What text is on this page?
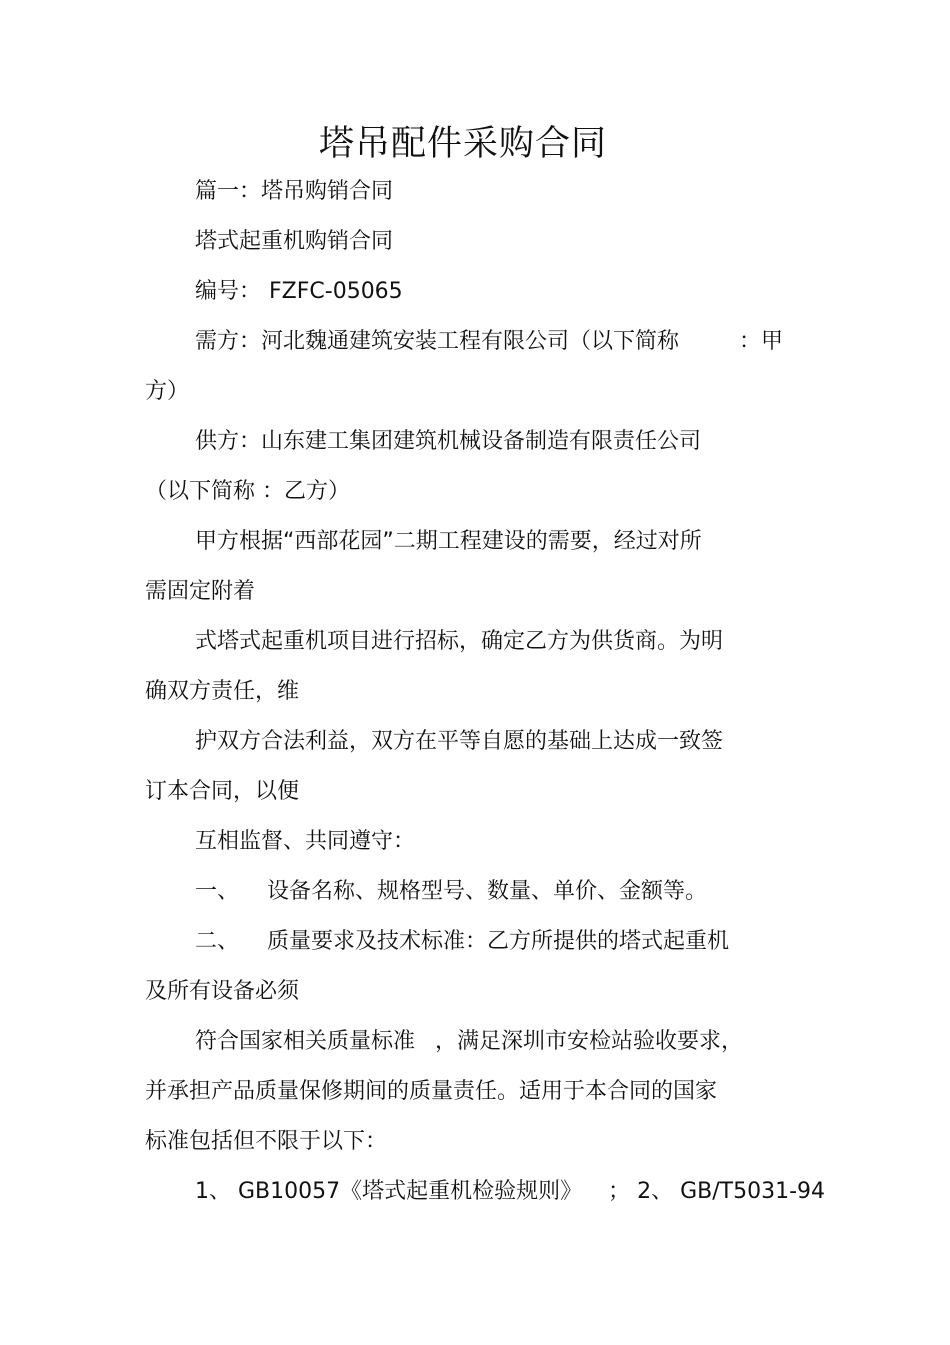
塔吊配件采购合同
篇一：塔吊购销合同
塔式起重机购销合同
编号： FZFC-05065
需方：河北魏通建筑安装工程有限公司（以下简称	：甲
方）
供方：山东建工集团建筑机械设备制造有限责任公司
（以下简称 ：乙方）
甲方根据“西部花园”二期工程建设的需要，经过对所
需固定附着
式塔式起重机项目进行招标，确定乙方为供货商。为明
确双方责任，维
护双方合法利益，双方在平等自愿的基础上达成一致签
订本合同，以便
互相监督、共同遵守：
一、 设备名称、规格型号、数量、单价、金额等。
二、 质量要求及技术标准：乙方所提供的塔式起重机
及所有设备必须
符合国家相关质量标准 ，满足深圳市安检站验收要求，
并承担产品质量保修期间的质量责任。适用于本合同的国家
标准包括但不限于以下：
1、 GB10057《塔式起重机检验规则》 ； 2、 GB/T5031-94
